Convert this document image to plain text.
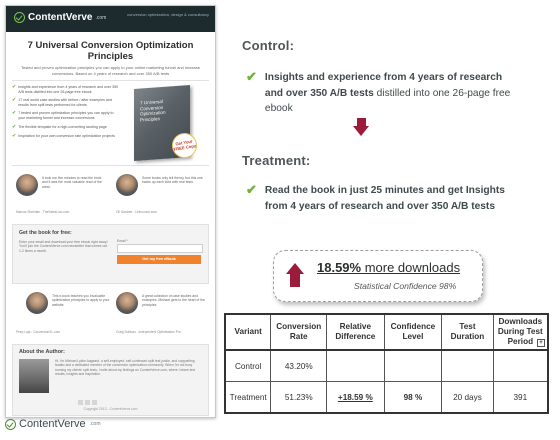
ContentVerve .com	conversion optimization, design & consultancy
7 Universal Conversion Optimization Principles
Tested and proven optimization principles you can apply to your online marketing funnel and increase conversions. Based on 4 years of research and over 350 A/B tests
✔ Insights and experience from 4 years of research and over 350 A/B tests distilled into one 26-page free ebook
✔ 17 real world case studies with before / after examples and results from split tests performed for clients
✔ 7 tested and proven optimization principles you can apply to your marketing funnel and increase conversions
✔ The flexible template for a high-converting landing page
✔ Inspiration for your own conversion rate optimization projects
7 Universal Conversion Optimization Principles
Get Your FREE Copy
It took me five minutes to read the book and it was the most valuable read of the week.
Marcus Sheridan - TheSalesLion.com
Some books only tell theory, but this one backs up each idea with real tests.
Oli Gardner - Unbounce.com
Get the book for free:
Enter your email and download your free ebook right away! You'll join the ContentVerve.com newsletter that comes out 1-2 times a month.
Email *
Get my free eBook
This e-book teaches you invaluable optimization principles to apply to your website.
Peep Laja - ConversionXL.com
A great collection of case studies and examples. Michael gets to the heart of the principles.
Craig Sullivan - Independent Optimisation Pro
About the Author:
Hi, I'm Michael Lykke Aagaard, a self-employed, self-confessed split test junkie, and copywriting fanatic and a dedicated member of the conversion optimization community. When I'm not busy running my clients' split tests, I write about my findings on ContentVerve.com, where I share test results, insights and inspiration.
Copyright 2013 - ContentVerve.com
Control:
✔ Insights and experience from 4 years of research and over 350 A/B tests distilled into one 26-page free ebook
Treatment:
✔ Read the book in just 25 minutes and get Insights from 4 years of research and over 350 A/B tests
18.59% more downloads
Statistical Confidence 98%
Variant	Conversion Rate	Relative Difference	Confidence Level	Test Duration	Downloads During Test Period +

Control	43.20%				
Treatment	51.23%	+18.59 %	98 %	20 days	391
ContentVerve .com
